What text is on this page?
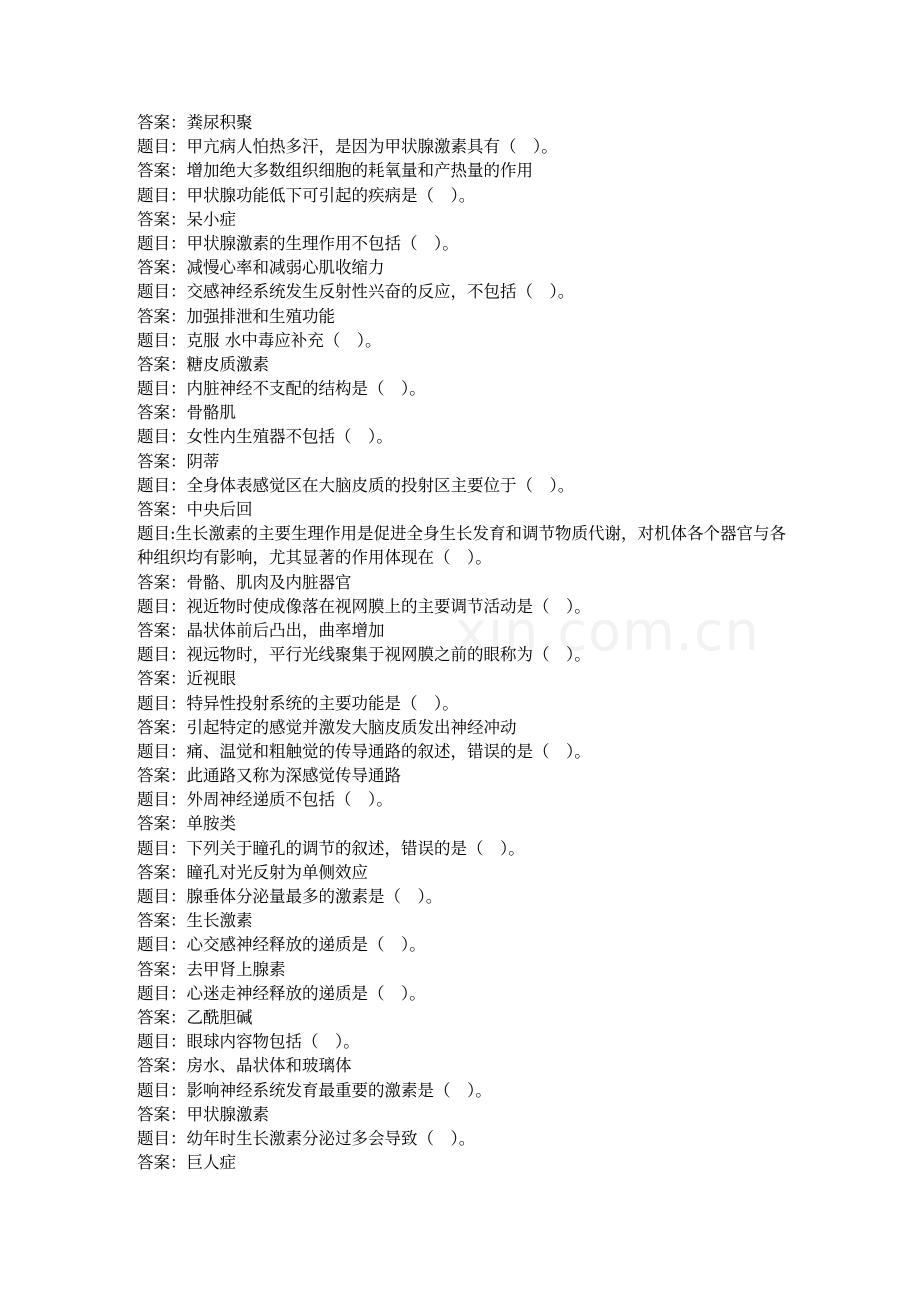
xin.com.cn
答案：粪尿积聚
题目：甲亢病人怕热多汗，是因为甲状腺激素具有（　）。
答案：增加绝大多数组织细胞的耗氧量和产热量的作用
题目：甲状腺功能低下可引起的疾病是（　）。
答案：呆小症
题目：甲状腺激素的生理作用不包括（　）。
答案：减慢心率和减弱心肌收缩力
题目：交感神经系统发生反射性兴奋的反应，不包括（　）。
答案：加强排泄和生殖功能
题目：克服 水中毒应补充（　）。
答案：糖皮质激素
题目：内脏神经不支配的结构是（　）。
答案：骨骼肌
题目：女性内生殖器不包括（　）。
答案：阴蒂
题目：全身体表感觉区在大脑皮质的投射区主要位于（　）。
答案：中央后回
题目:生长激素的主要生理作用是促进全身生长发育和调节物质代谢，对机体各个器官与各种组织均有影响，尤其显著的作用体现在（　）。
答案：骨骼、肌肉及内脏器官
题目：视近物时使成像落在视网膜上的主要调节活动是（　）。
答案：晶状体前后凸出，曲率增加
题目：视远物时，平行光线聚集于视网膜之前的眼称为（　）。
答案：近视眼
题目：特异性投射系统的主要功能是（　）。
答案：引起特定的感觉并激发大脑皮质发出神经冲动
题目：痛、温觉和粗触觉的传导通路的叙述，错误的是（　）。
答案：此通路又称为深感觉传导通路
题目：外周神经递质不包括（　）。
答案：单胺类
题目：下列关于瞳孔的调节的叙述，错误的是（　）。
答案：瞳孔对光反射为单侧效应
题目：腺垂体分泌量最多的激素是（　）。
答案：生长激素
题目：心交感神经释放的递质是（　）。
答案：去甲肾上腺素
题目：心迷走神经释放的递质是（　）。
答案：乙酰胆碱
题目：眼球内容物包括（　）。
答案：房水、晶状体和玻璃体
题目：影响神经系统发育最重要的激素是（　）。
答案：甲状腺激素
题目：幼年时生长激素分泌过多会导致（　）。
答案：巨人症
